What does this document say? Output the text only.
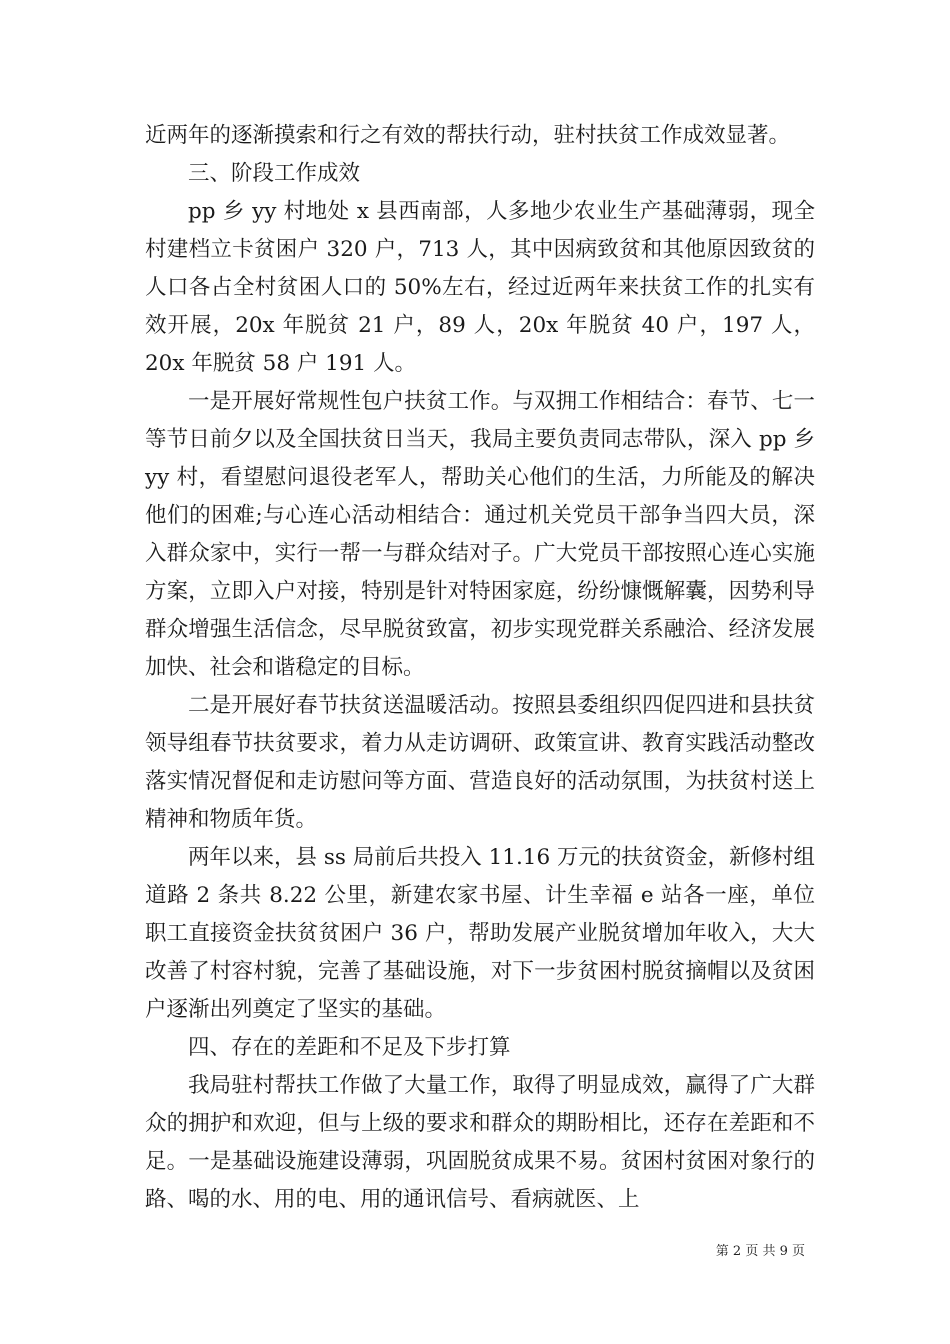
近两年的逐渐摸索和行之有效的帮扶行动，驻村扶贫工作成效显著。

三、阶段工作成效

pp 乡 yy 村地处 x 县西南部，人多地少农业生产基础薄弱，现全村建档立卡贫困户 320 户，713 人，其中因病致贫和其他原因致贫的人口各占全村贫困人口的 50%左右，经过近两年来扶贫工作的扎实有效开展，20x 年脱贫 21 户，89 人，20x 年脱贫 40 户，197 人，20x 年脱贫 58 户 191 人。

一是开展好常规性包户扶贫工作。与双拥工作相结合：春节、七一等节日前夕以及全国扶贫日当天，我局主要负责同志带队，深入 pp 乡 yy 村，看望慰问退役老军人，帮助关心他们的生活，力所能及的解决他们的困难;与心连心活动相结合：通过机关党员干部争当四大员，深入群众家中，实行一帮一与群众结对子。广大党员干部按照心连心实施方案，立即入户对接，特别是针对特困家庭，纷纷慷慨解囊，因势利导群众增强生活信念，尽早脱贫致富，初步实现党群关系融洽、经济发展加快、社会和谐稳定的目标。

二是开展好春节扶贫送温暖活动。按照县委组织四促四进和县扶贫领导组春节扶贫要求，着力从走访调研、政策宣讲、教育实践活动整改落实情况督促和走访慰问等方面、营造良好的活动氛围，为扶贫村送上精神和物质年货。

两年以来，县 ss 局前后共投入 11.16 万元的扶贫资金，新修村组道路 2 条共 8.22 公里，新建农家书屋、计生幸福 e 站各一座，单位职工直接资金扶贫贫困户 36 户，帮助发展产业脱贫增加年收入，大大改善了村容村貌，完善了基础设施，对下一步贫困村脱贫摘帽以及贫困户逐渐出列奠定了坚实的基础。

四、存在的差距和不足及下步打算

我局驻村帮扶工作做了大量工作，取得了明显成效，赢得了广大群众的拥护和欢迎，但与上级的要求和群众的期盼相比，还存在差距和不足。一是基础设施建设薄弱，巩固脱贫成果不易。贫困村贫困对象行的路、喝的水、用的电、用的通讯信号、看病就医、上

第 2 页 共 9 页
